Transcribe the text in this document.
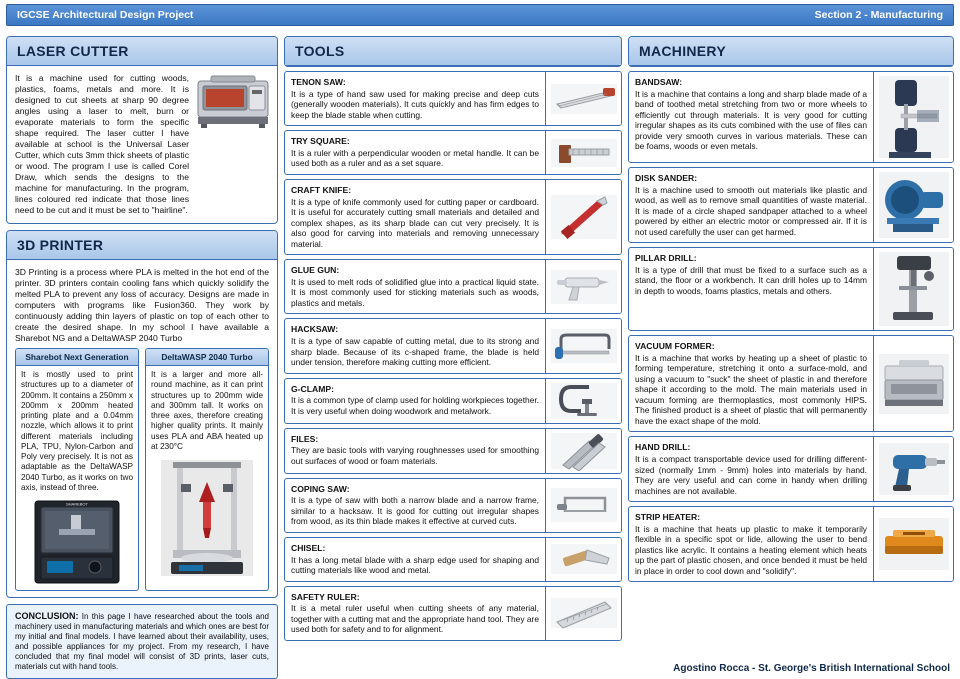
IGCSE Architectural Design Project	Section 2 - Manufacturing
LASER CUTTER
It is a machine used for cutting woods, plastics, foams, metals and more. It is designed to cut sheets at sharp 90 degree angles using a laser to melt, burn or evaporate materials to form the specific shape required. The laser cutter I have available at school is the Universal Laser Cutter, which cuts 3mm thick sheets of plastic or wood. The program I use is called Corel Draw, which sends the designs to the machine for manufacturing. In the program, lines coloured red indicate that those lines need to be cut and it must be set to "hairline".
3D PRINTER
3D Printing is a process where PLA is melted in the hot end of the printer. 3D printers contain cooling fans which quickly solidify the melted PLA to prevent any loss of accuracy. Designs are made in computers with programs like Fusion360. They work by continuously adding thin layers of plastic on top of each other to create the desired shape. In my school I have available a Sharebot NG and a DeltaWASP 2040 Turbo
Sharebot Next Generation
It is mostly used to print structures up to a diameter of 200mm. It contains a 250mm x 200mm x 200mm heated printing plate and a 0.04mm nozzle, which allows it to print different materials including PLA, TPU, Nylon-Carbon and Poly very precisely. It is not as adaptable as the DeltaWASP 2040 Turbo, as it works on two axis, instead of three.
SHAREBOT
DeltaWASP 2040 Turbo
It is a larger and more all-round machine, as it can print structures up to 200mm wide and 300mm tall. It works on three axes, therefore creating higher quality prints. It mainly uses PLA and ABA heated up at 230°C
CONCLUSION: In this page I have researched about the tools and machinery used in manufacturing materials and which ones are best for my initial and final models. I have learned about their availability, uses, and possible appliances for my project. From my research, I have concluded that my final model will consist of 3D prints, laser cuts, materials cut with hand tools.
TOOLS
TENON SAW:
It is a type of hand saw used for making precise and deep cuts (generally wooden materials). It cuts quickly and has firm edges to keep the blade stable when cutting.
TRY SQUARE:
It is a ruler with a perpendicular wooden or metal handle. It can be used both as a ruler and as a set square.
CRAFT KNIFE:
It is a type of knife commonly used for cutting paper or cardboard. It is useful for accurately cutting small materials and detailed and complex shapes, as its sharp blade can cut very precisely. It is also good for carving into materials and removing unnecessary material.
GLUE GUN:
It is used to melt rods of solidified glue into a practical liquid state. It is most commonly used for sticking materials such as woods, plastics and metals.
HACKSAW:
It is a type of saw capable of cutting metal, due to its strong and sharp blade. Because of its c-shaped frame, the blade is held under tension, therefore making cutting more efficient.
G-CLAMP:
It is a common type of clamp used for holding workpieces together. It is very useful when doing woodwork and metalwork.
FILES:
They are basic tools with varying roughnesses used for smoothing out surfaces of wood or foam materials.
COPING SAW:
It is a type of saw with both a narrow blade and a narrow frame, similar to a hacksaw. It is good for cutting out irregular shapes from wood, as its thin blade makes it effective at curved cuts.
CHISEL:
It has a long metal blade with a sharp edge used for shaping and cutting materials like wood and metal.
SAFETY RULER:
It is a metal ruler useful when cutting sheets of any material, together with a cutting mat and the appropriate hand tool. They are used both for safety and to for alignment.
MACHINERY
BANDSAW:
It is a machine that contains a long and sharp blade made of a band of toothed metal stretching from two or more wheels to efficiently cut through materials. It is very good for cutting irregular shapes as its cuts combined with the use of files can provide very smooth curves in various materials. These can be foams, woods or even metals.
DISK SANDER:
It is a machine used to smooth out materials like plastic and wood, as well as to remove small quantities of waste material. It is made of a circle shaped sandpaper attached to a wheel powered by either an electric motor or compressed air. If it is not used carefully the user can get harmed.
PILLAR DRILL:
It is a type of drill that must be fixed to a surface such as a stand, the floor or a workbench. It can drill holes up to 14mm in depth to woods, foams plastics, metals and others.
VACUUM FORMER:
It is a machine that works by heating up a sheet of plastic to forming temperature, stretching it onto a surface-mold, and using a vacuum to "suck" the sheet of plastic in and therefore shape it according to the mold. The main materials used in vacuum forming are thermoplastics, most commonly HIPS. The finished product is a sheet of plastic that will permanently have the exact shape of the mold.
HAND DRILL:
It is a compact transportable device used for drilling different-sized (normally 1mm - 9mm) holes into materials by hand. They are very useful and can come in handy when drilling machines are not available.
STRIP HEATER:
It is a machine that heats up plastic to make it temporarily flexible in a specific spot or lide, allowing the user to bend plastics like acrylic. It contains a heating element which heats up the part of plastic chosen, and once bended it must be held in place in order to cool down and "solidify".
Agostino Rocca - St. George's British International School
